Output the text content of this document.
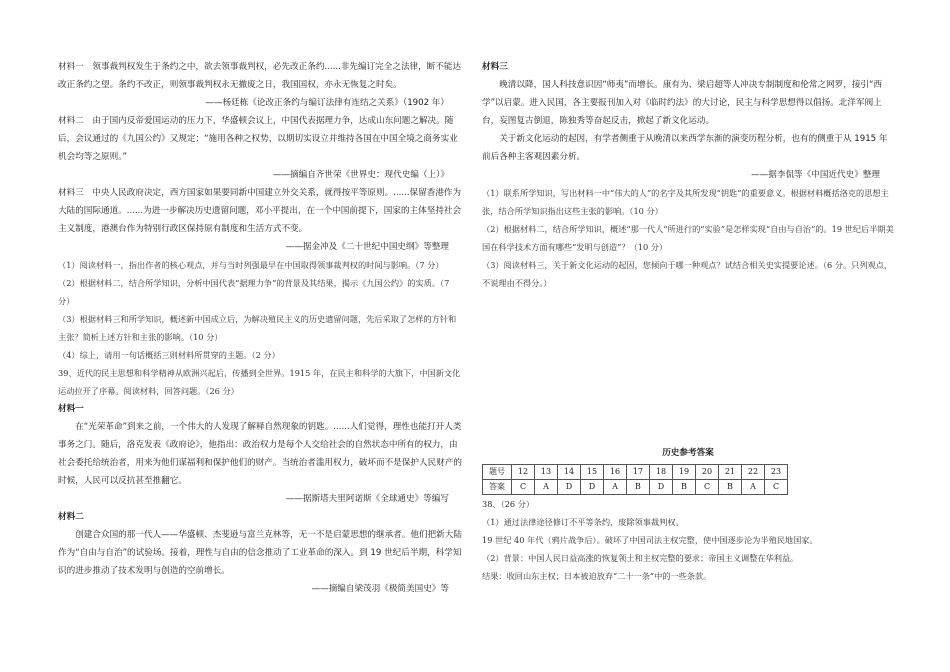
材料一　领事裁判权发生于条约之中，欲去领事裁判权，必先改正条约......非先编订完全之法律，断不能达改正条约之望。条约不改正，则领事裁判权永无撤废之日，我国国权，亦永无恢复之时矣。

——杨廷栋《论改正条约与编订法律有连结之关系》（1902 年）

材料二　由于国内反帝爱国运动的压力下，华盛顿会议上，中国代表据理力争，达成山东问题之解决。随后，会议通过的《九国公约》又规定：“施用各种之权势，以期切实设立并维持各国在中国全境之商务实业机会均等之原则。”

——摘编自齐世荣《世界史：现代史编（上）》

材料三　中央人民政府决定，西方国家如果要同新中国建立外交关系，就得按平等原则。......保留香港作为大陆的国际通道。......为进一步解决历史遗留问题，邓小平提出，在一个中国前提下，国家的主体坚持社会主义制度，港澳台作为特别行政区保持原有制度和生活方式不变。

——据金冲及《二十世纪中国史纲》等整理

（1）阅读材料一，指出作者的核心观点，并与当时列强最早在中国取得领事裁判权的时间与影响。（7 分）

（2）根据材料二，结合所学知识，分析中国代表“据理力争”的背景及其结果，揭示《九国公约》的实质。（7 分）

（3）根据材料三和所学知识，概述新中国成立后，为解决殖民主义的历史遗留问题，先后采取了怎样的方针和主张？简析上述方针和主张的影响。（10 分）

（4）综上，请用一句话概括三则材料所贯穿的主题。（2 分）

39、近代的民主思想和科学精神从欧洲兴起后，传播到全世界。1915 年，在民主和科学的大旗下，中国新文化运动拉开了序幕。阅读材料，回答问题。（26 分）

材料一

在“光荣革命”到来之前，一个伟大的人发现了解释自然现象的钥匙。......人们觉得，理性也能打开人类事务之门。随后，洛克发表《政府论》，他指出：政治权力是每个人交给社会的自然状态中所有的权力，由社会委托给统治者，用来为他们谋福利和保护他们的财产。当统治者滥用权力，破坏而不是保护人民财产的时候，人民可以反抗甚至推翻它。

——据斯塔夫里阿诺斯《全球通史》等编写

材料二

创建合众国的那一代人——华盛顿、杰斐逊与富兰克林等，无一不是启蒙思想的继承者。他们把新大陆作为“自由与自治”的试验场。接着，理性与自由的信念推动了工业革命的深入。到 19 世纪后半期，科学知识的进步推动了技术发明与创造的空前增长。

——摘编自梁茂羽《极简美国史》等

材料三

晚清以降，国人科技意识因“师夷”而增长。康有为、梁启超等人冲决专制制度和伦常之网罗，接引“西学”以启蒙。进入民国，各主要报刊加入对《临时约法》的大讨论，民主与科学思想得以倡扬。北洋军阀上台，妄图复古倒退，陈独秀等奋起反击，掀起了新文化运动。

关于新文化运动的起因，有学者侧重于从晚清以来西学东渐的演变历程分析，也有的侧重于从 1915 年前后各种主客观因素分析。

——据李侃等《中国近代史》整理

（1）联系所学知识，写出材料一中“伟大的人”的名字及其所发现“钥匙”的重要意义。根据材料概括洛克的思想主张，结合所学知识指出这些主张的影响。（10 分）

（2）根据材料二，结合所学知识，概述“那一代人”所进行的“实验”是怎样实现“自由与自治”的。19 世纪后半期美国在科学技术方面有哪些“发明与创造”？（10 分）

（3）阅读材料三，关于新文化运动的起因，您倾向于哪一种观点？试结合相关史实提要论述。（6 分。只列观点，不说理由不得分。）

历史参考答案

题号	12	13	14	15	16	17	18	19	20	21	22	23
答案	C	A	D	D	A	B	D	B	C	B	A	C

38、（26 分）

（1）通过法律途径修订不平等条约，废除领事裁判权。

19 世纪 40 年代（鸦片战争后）。破坏了中国司法主权完整，使中国逐步沦为半殖民地国家。

（2）背景：中国人民日益高涨的恢复领土和主权完整的要求；帝国主义调整在华利益。

结果：收回山东主权；日本被迫放弃“二十一条”中的一些条款。
